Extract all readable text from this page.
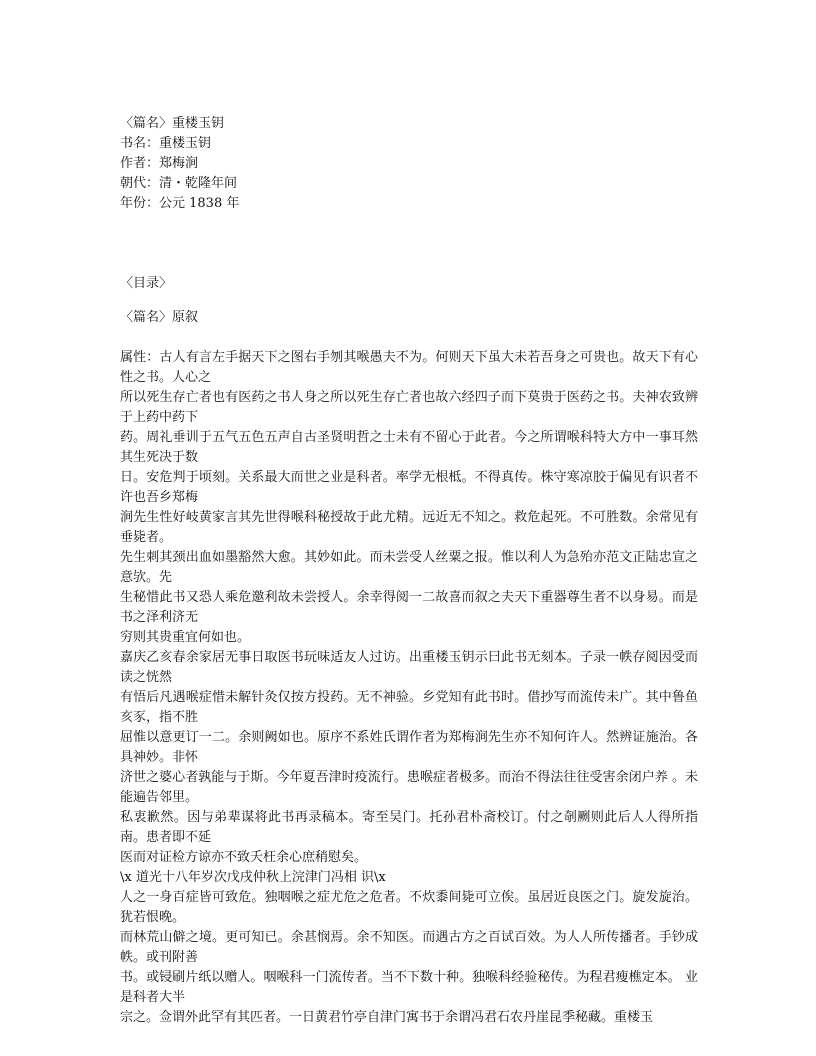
〈篇名〉重楼玉钥
书名：重楼玉钥
作者：郑梅涧
朝代：清・乾隆年间
年份：公元 1838 年
〈目录〉
〈篇名〉原叙
属性：古人有言左手据天下之图右手刎其喉愚夫不为。何则天下虽大未若吾身之可贵也。故天下有心性之书。人心之
所以死生存亡者也有医药之书人身之所以死生存亡者也故六经四子而下莫贵于医药之书。夫神农致辨于上药中药下
药。周礼垂训于五气五色五声自古圣贤明哲之士未有不留心于此者。今之所谓喉科特大方中一事耳然其生死决于数
日。安危判于顷刻。关系最大而世之业是科者。率学无根柢。不得真传。株守寒凉胶于偏见有识者不许也吾乡郑梅
涧先生性好岐黄家言其先世得喉科秘授故于此尤精。远近无不知之。救危起死。不可胜数。余常见有垂毙者。
先生刺其颈出血如墨豁然大愈。其妙如此。而未尝受人丝粟之报。惟以利人为急殆亦范文正陆忠宣之意欤。先
生秘惜此书又恐人乘危邀利故未尝授人。余幸得阅一二故喜而叙之夫天下重器尊生者不以身易。而是书之泽利济无
穷则其贵重宜何如也。
嘉庆乙亥春余家居无事日取医书玩味适友人过访。出重楼玉钥示曰此书无刻本。子录一帙存阅因受而读之恍然
有悟后凡遇喉症惜未解针灸仅按方投药。无不神验。乡党知有此书时。借抄写而流传未广。其中鲁鱼亥豕，指不胜
屈惟以意更订一二。余则阙如也。原序不系姓氏谓作者为郑梅涧先生亦不知何许人。然辨证施治。各具神妙。非怀
济世之婆心者孰能与于斯。今年夏吾津时疫流行。患喉症者极多。而治不得法往往受害余闭户养 。未能遍告邻里。
私衷歉然。因与弟辈谋将此书再录稿本。寄至吴门。托孙君朴斋校订。付之剞劂则此后人人得所指南。患者即不延
医而对证检方谅亦不致夭枉余心庶稍慰矣。
\x 道光十八年岁次戊戌仲秋上浣津门冯相 识\x
人之一身百症皆可致危。独咽喉之症尤危之危者。不炊黍间毙可立俟。虽居近良医之门。旋发旋治。犹若恨晚。
而林荒山僻之境。更可知已。余甚悯焉。余不知医。而遇古方之百试百效。为人人所传播者。手钞成帙。或刊附善
书。或锓刷片纸以赠人。咽喉科一门流传者。当不下数十种。独喉科经验秘传。为程君瘦樵定本。 业是科者大半
宗之。佥谓外此罕有其匹者。一日黄君竹亭自津门寓书于余谓冯君石农丹崖昆季秘藏。重楼玉
